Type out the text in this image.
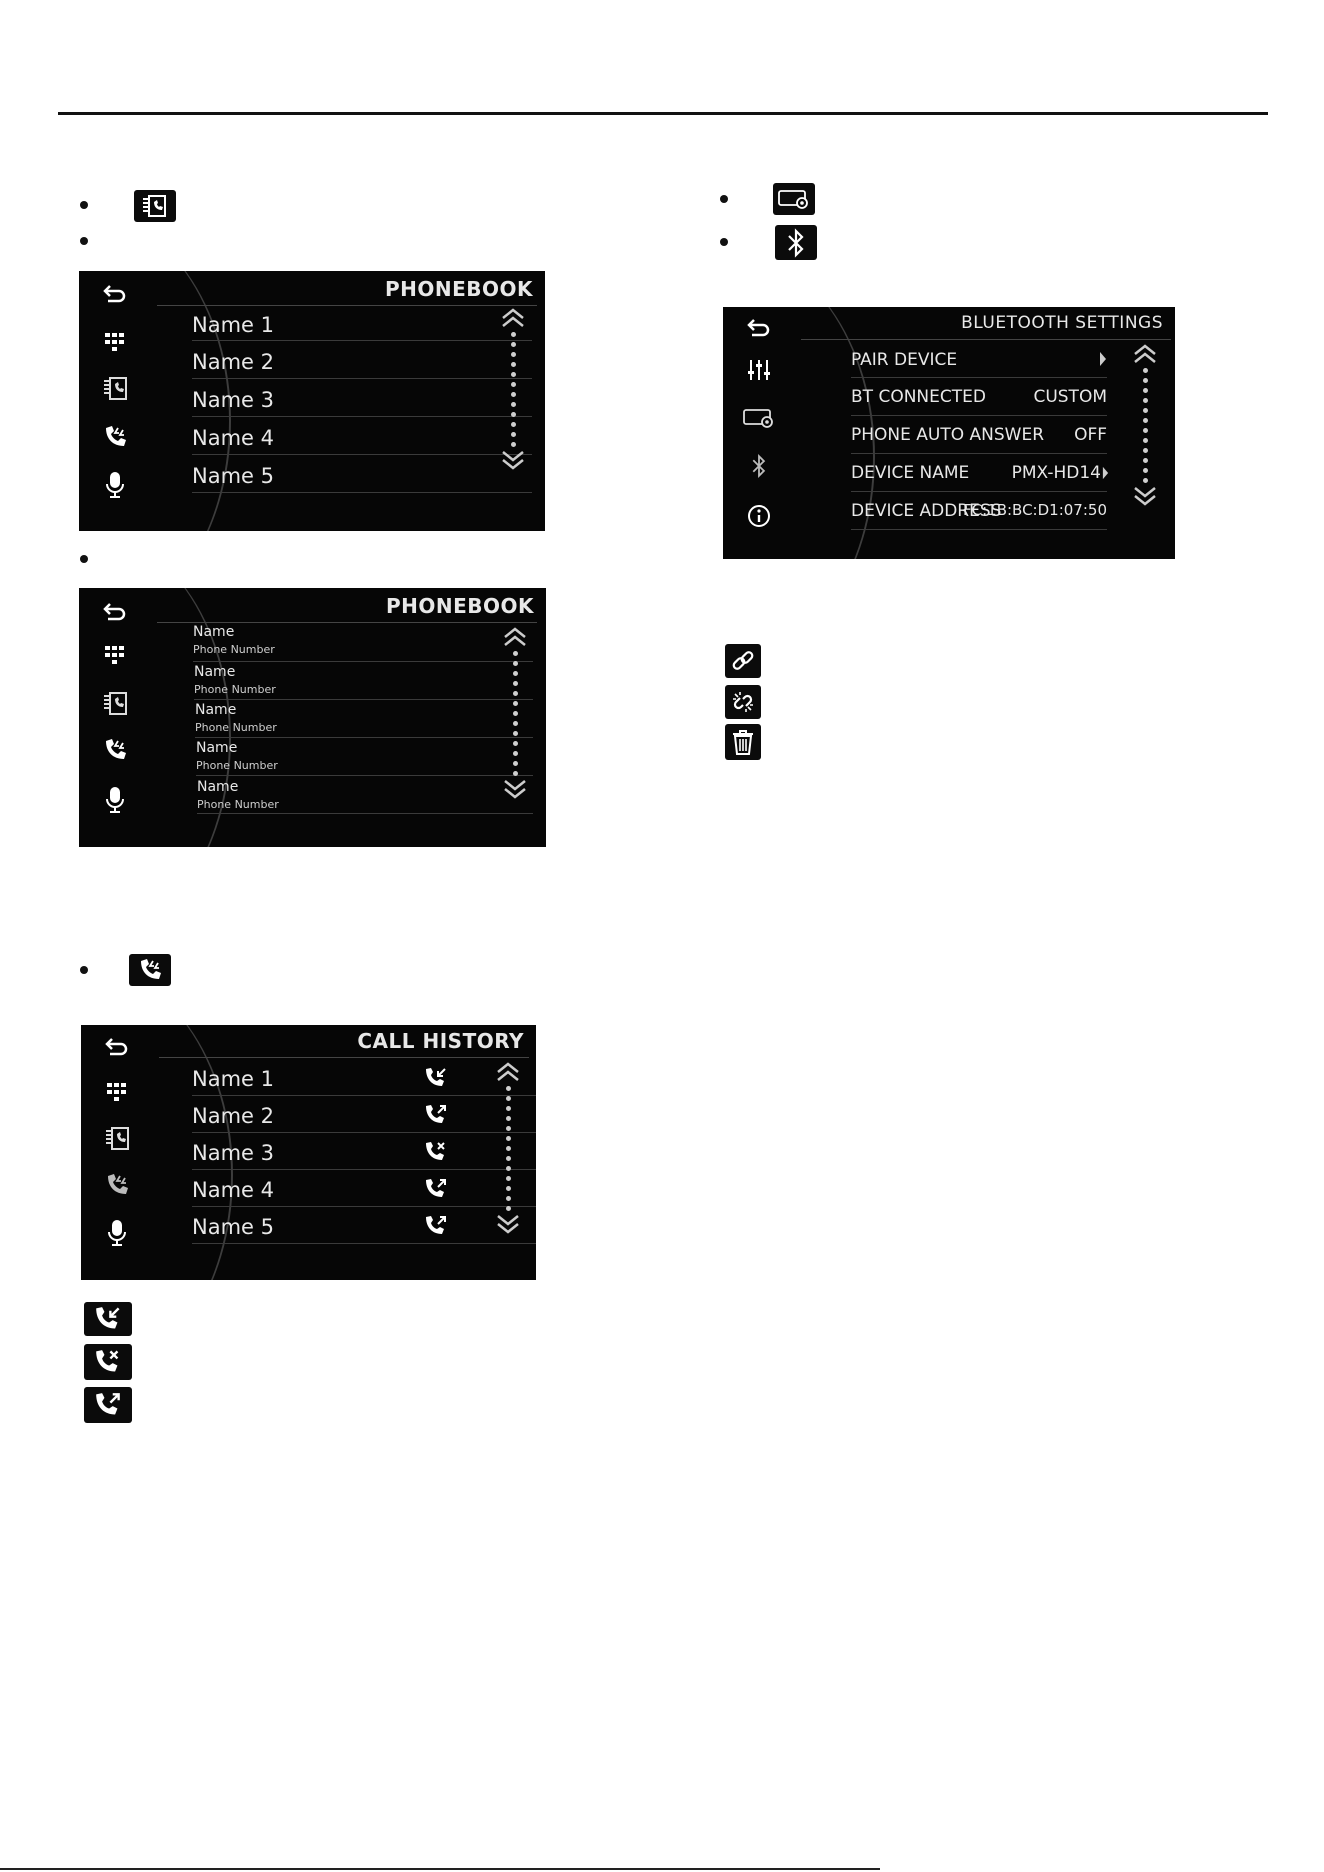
PHONEBOOK
Name 1
Name 2
Name 3
Name 4
Name 5
PHONEBOOK
Name
Phone Number
Name
Phone Number
Name
Phone Number
Name
Phone Number
Name
Phone Number
CALL HISTORY
Name 1
Name 2
Name 3
Name 4
Name 5
BLUETOOTH SETTINGS
PAIR DEVICE
BT CONNECTED	CUSTOM
PHONE AUTO ANSWER OFF
DEVICE NAME PMX-HD14
DEVICE ADDRESS
FC:1B:BC:D1:07:50
